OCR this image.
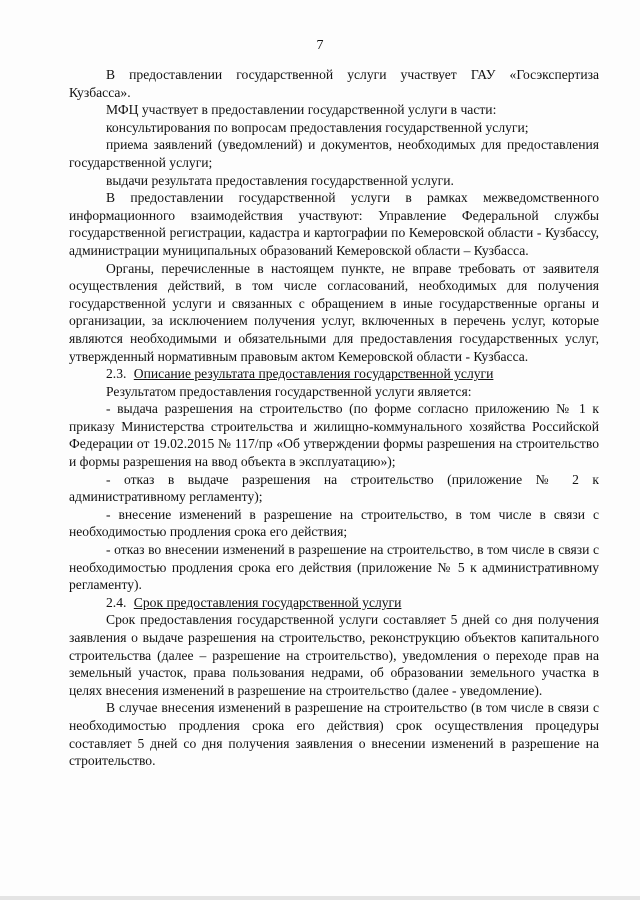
7

В предоставлении государственной услуги участвует ГАУ «Госэкспертиза Кузбасса».

МФЦ участвует в предоставлении государственной услуги в части:

консультирования по вопросам предоставления государственной услуги;

приема заявлений (уведомлений) и документов, необходимых для предоставления государственной услуги;

выдачи результата предоставления государственной услуги.

В предоставлении государственной услуги в рамках межведомственного информационного взаимодействия участвуют: Управление Федеральной службы государственной регистрации, кадастра и картографии по Кемеровской области - Кузбассу, администрации муниципальных образований Кемеровской области – Кузбасса.

Органы, перечисленные в настоящем пункте, не вправе требовать от заявителя осуществления действий, в том числе согласований, необходимых для получения государственной услуги и связанных с обращением в иные государственные органы и организации, за исключением получения услуг, включенных в перечень услуг, которые являются необходимыми и обязательными для предоставления государственных услуг, утвержденный нормативным правовым актом Кемеровской области - Кузбасса.

2.3. Описание результата предоставления государственной услуги

Результатом предоставления государственной услуги является:

- выдача разрешения на строительство (по форме согласно приложению № 1 к приказу Министерства строительства и жилищно-коммунального хозяйства Российской Федерации от 19.02.2015 № 117/пр «Об утверждении формы разрешения на строительство и формы разрешения на ввод объекта в эксплуатацию»);

- отказ в выдаче разрешения на строительство (приложение № 2 к административному регламенту);

- внесение изменений в разрешение на строительство, в том числе в связи с необходимостью продления срока его действия;

- отказ во внесении изменений в разрешение на строительство, в том числе в связи с необходимостью продления срока его действия (приложение № 5 к административному регламенту).

2.4. Срок предоставления государственной услуги

Срок предоставления государственной услуги составляет 5 дней со дня получения заявления о выдаче разрешения на строительство, реконструкцию объектов капитального строительства (далее – разрешение на строительство), уведомления о переходе прав на земельный участок, права пользования недрами, об образовании земельного участка в целях внесения изменений в разрешение на строительство (далее - уведомление).

В случае внесения изменений в разрешение на строительство (в том числе в связи с необходимостью продления срока его действия) срок осуществления процедуры составляет 5 дней со дня получения заявления о внесении изменений в разрешение на строительство.
